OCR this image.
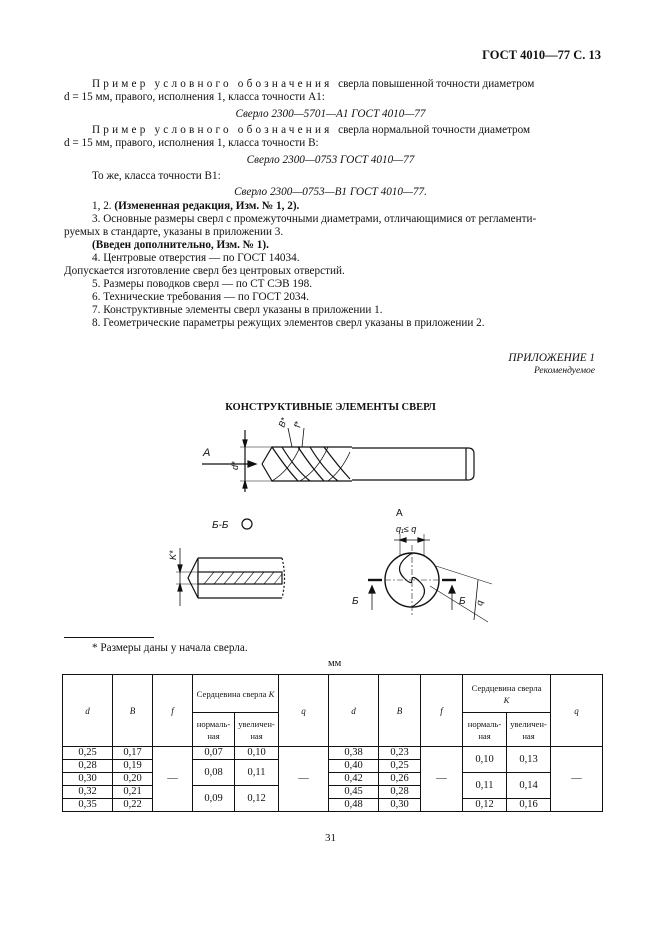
ГОСТ 4010—77 С. 13
Пример условного обозначения сверла повышенной точности диаметром
d = 15 мм, правого, исполнения 1, класса точности А1:
Сверло 2300—5701—А1 ГОСТ 4010—77
Пример условного обозначения сверла нормальной точности диаметром
d = 15 мм, правого, исполнения 1, класса точности В:
Сверло 2300—0753 ГОСТ 4010—77
То же, класса точности В1:
Сверло 2300—0753—В1 ГОСТ 4010—77.
1, 2. (Измененная редакция, Изм. № 1, 2).
3. Основные размеры сверл с промежуточными диаметрами, отличающимися от регламенти-
руемых в стандарте, указаны в приложении 3.
(Введен дополнительно, Изм. № 1).
4. Центровые отверстия — по ГОСТ 14034.
Допускается изготовление сверл без центровых отверстий.
5. Размеры поводков сверл — по СТ СЭВ 198.
6. Технические требования — по ГОСТ 2034.
7. Конструктивные элементы сверл указаны в приложении 1.
8. Геометрические параметры режущих элементов сверл указаны в приложении 2.
ПРИЛОЖЕНИЕ 1
Рекомендуемое
КОНСТРУКТИВНЫЕ ЭЛЕМЕНТЫ СВЕРЛ
А
d*
B* f*
Б-Б
K*
А
q₁≤ q
q
Б	Б
* Размеры даны у начала сверла.
мм
d	B	f	Сердцевина сверла K		q	d	B	f	Сердцевина сверла
K		q
			нормаль-
ная	увеличен-
ная					нормаль-
ная	увеличен-
ная	
0,25	0,17	—	0,07	0,10	—	0,38	0,23	—	0,10	0,13	—
0,28	0,19		0,08	0,11		0,40	0,25				
0,30	0,20					0,42	0,26		0,11	0,14	
0,32	0,21		0,09	0,12		0,45	0,28				
0,35	0,22					0,48	0,30		0,12	0,16	
31
